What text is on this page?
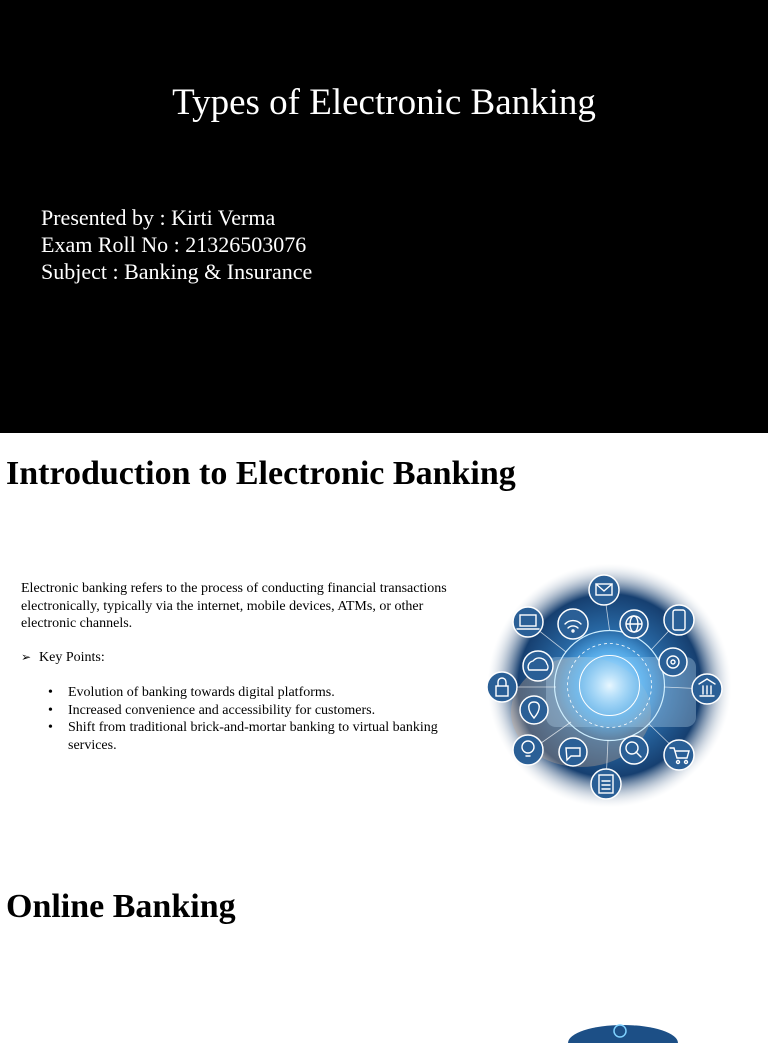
Types of Electronic Banking
Presented by : Kirti Verma
Exam Roll No : 21326503076
Subject : Banking & Insurance
Introduction to Electronic Banking
Electronic banking refers to the process of conducting financial transactions electronically, typically via the internet, mobile devices, ATMs, or other electronic channels.
➢ Key Points:
• Evolution of banking towards digital platforms.
• Increased convenience and accessibility for customers.
• Shift from traditional brick-and-mortar banking to virtual banking services.
Online Banking
